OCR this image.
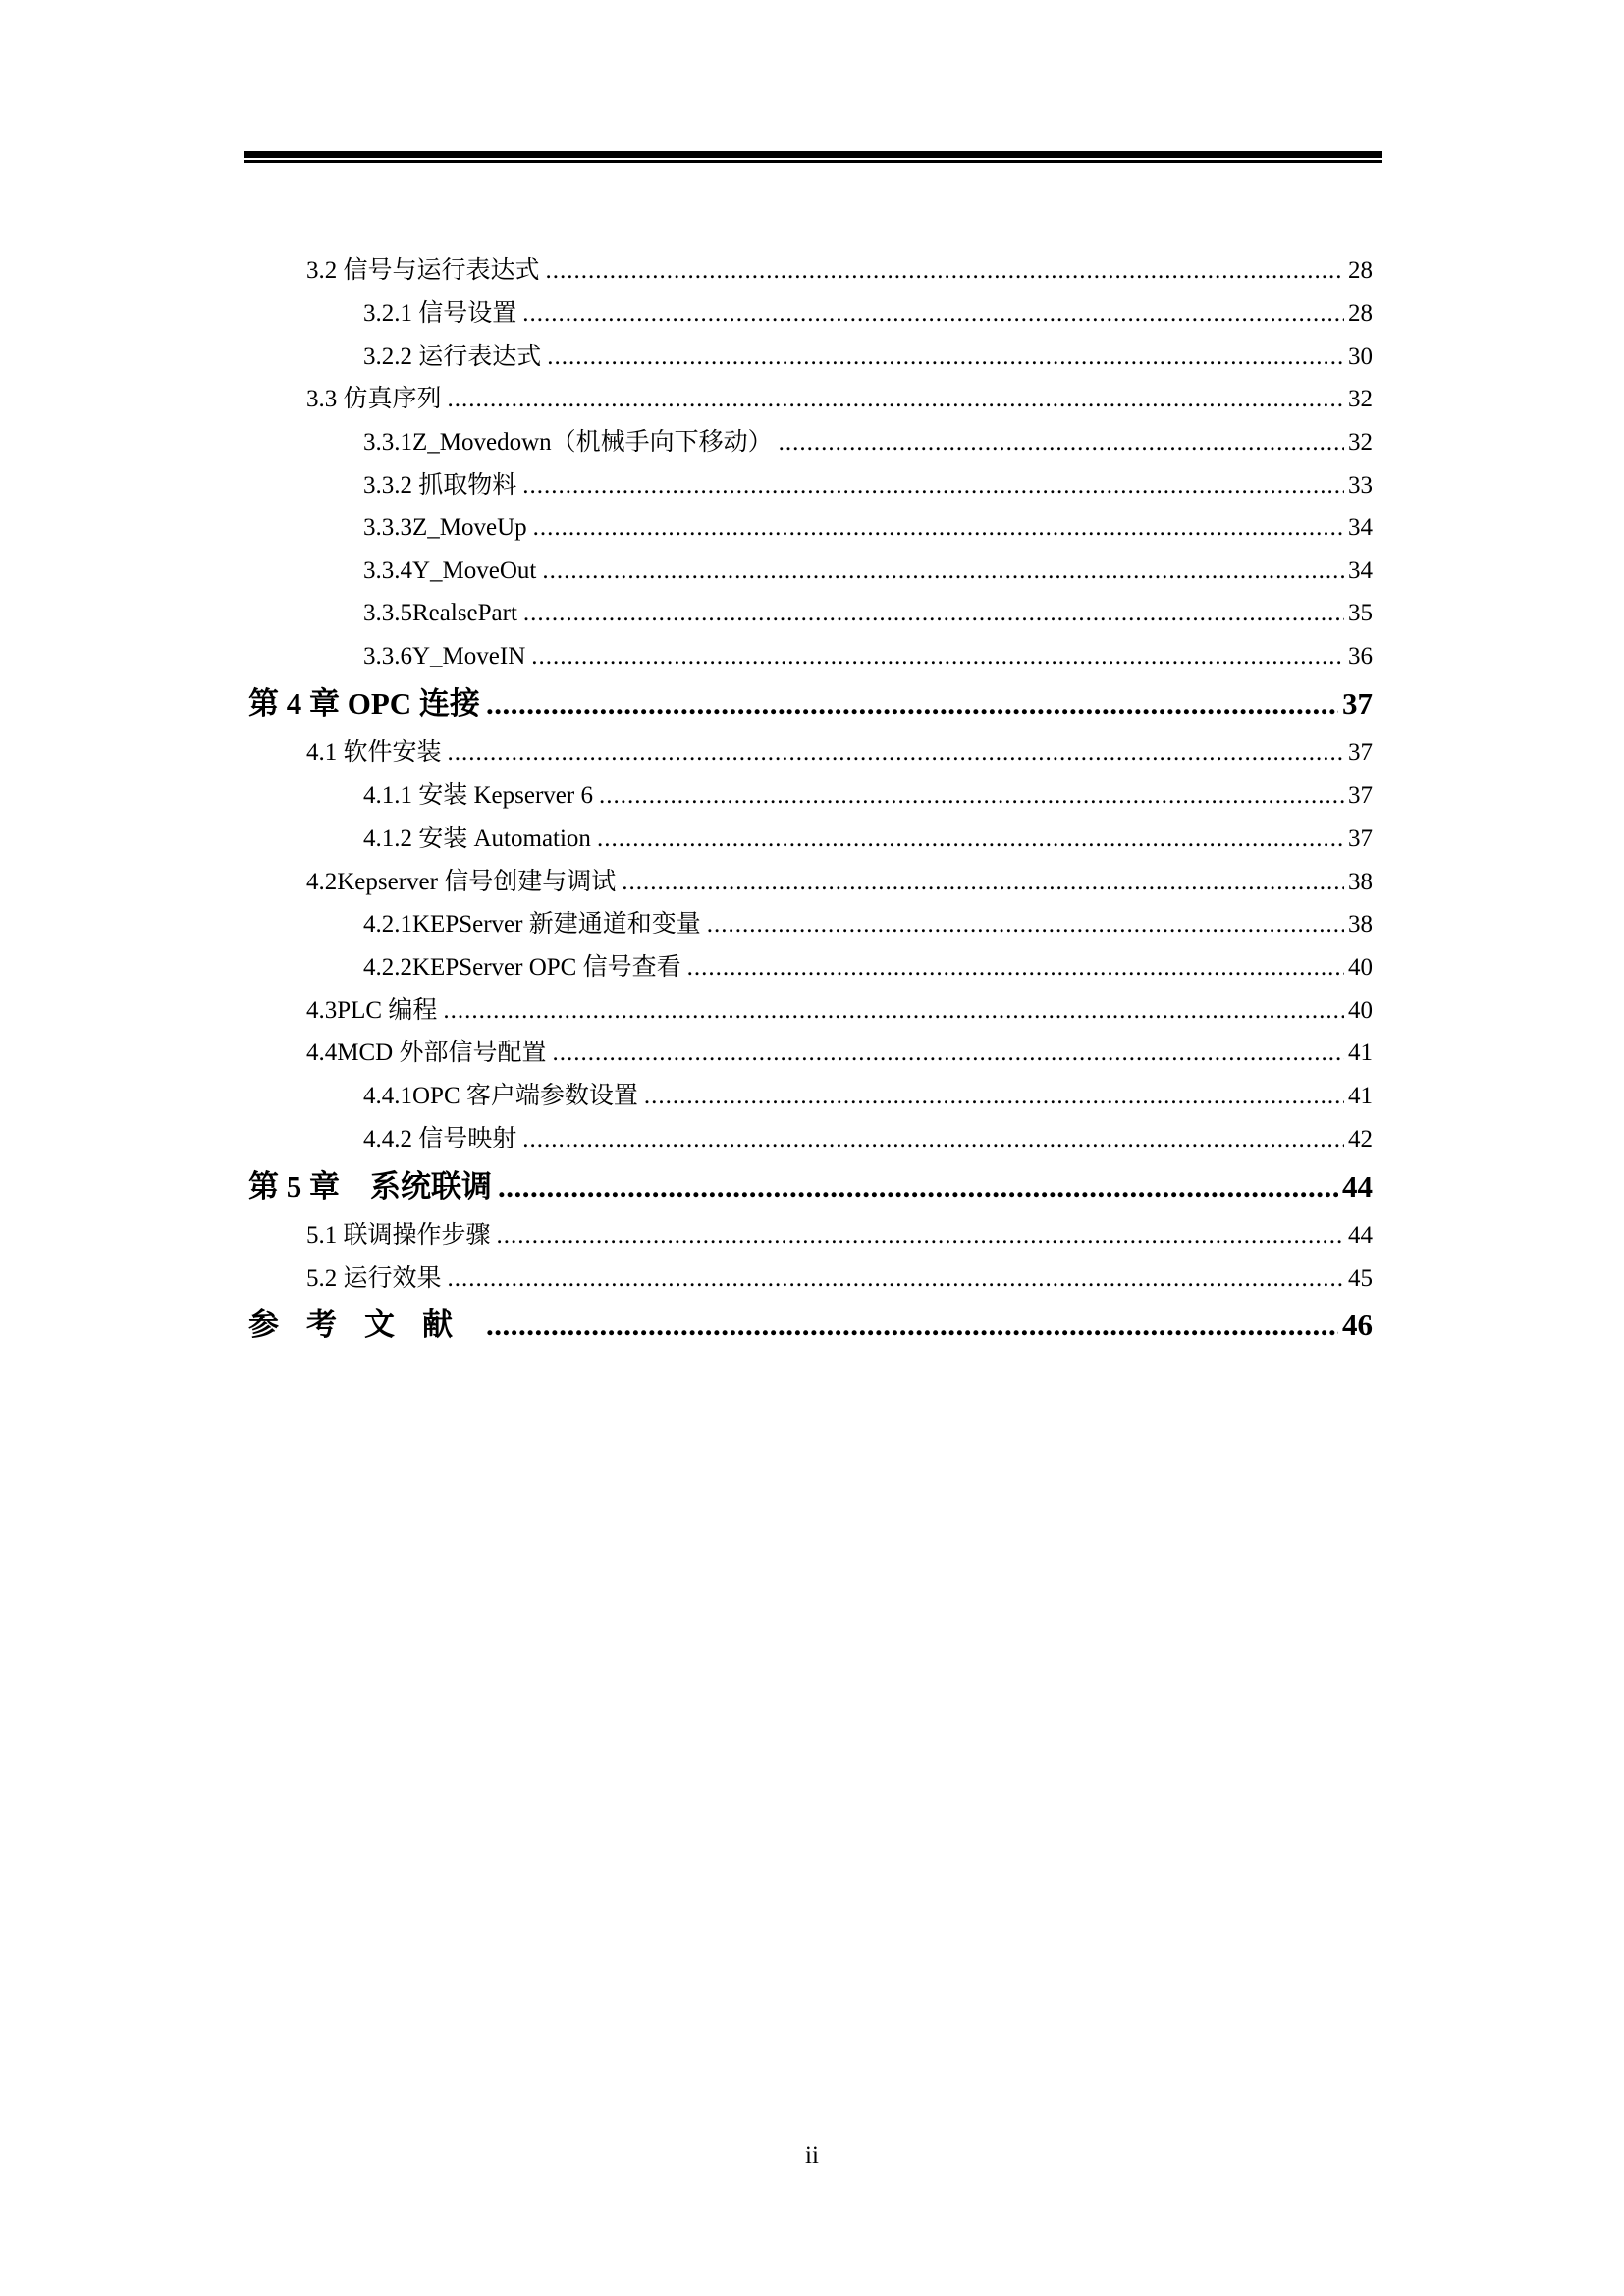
3.2 信号与运行表达式 .....	28
3.2.1 信号设置 .....	28
3.2.2 运行表达式 .....	30
3.3 仿真序列 .....	32
3.3.1Z_Movedown（机械手向下移动） .....	32
3.3.2 抓取物料 .....	33
3.3.3Z_MoveUp .....	34
3.3.4Y_MoveOut .....	34
3.3.5RealsePart .....	35
3.3.6Y_MoveIN .....	36
第 4 章 OPC 连接 .....	37
4.1 软件安装 .....	37
4.1.1 安装 Kepserver 6 .....	37
4.1.2 安装 Automation .....	37
4.2Kepserver 信号创建与调试 .....	38
4.2.1KEPServer 新建通道和变量 .....	38
4.2.2KEPServer OPC 信号查看 .....	40
4.3PLC 编程 .....	40
4.4MCD 外部信号配置 .....	41
4.4.1OPC 客户端参数设置 .....	41
4.4.2 信号映射 .....	42
第 5 章　系统联调 .....	44
5.1 联调操作步骤 .....	44
5.2 运行效果 .....	45
参考文献 .....	46
ii
